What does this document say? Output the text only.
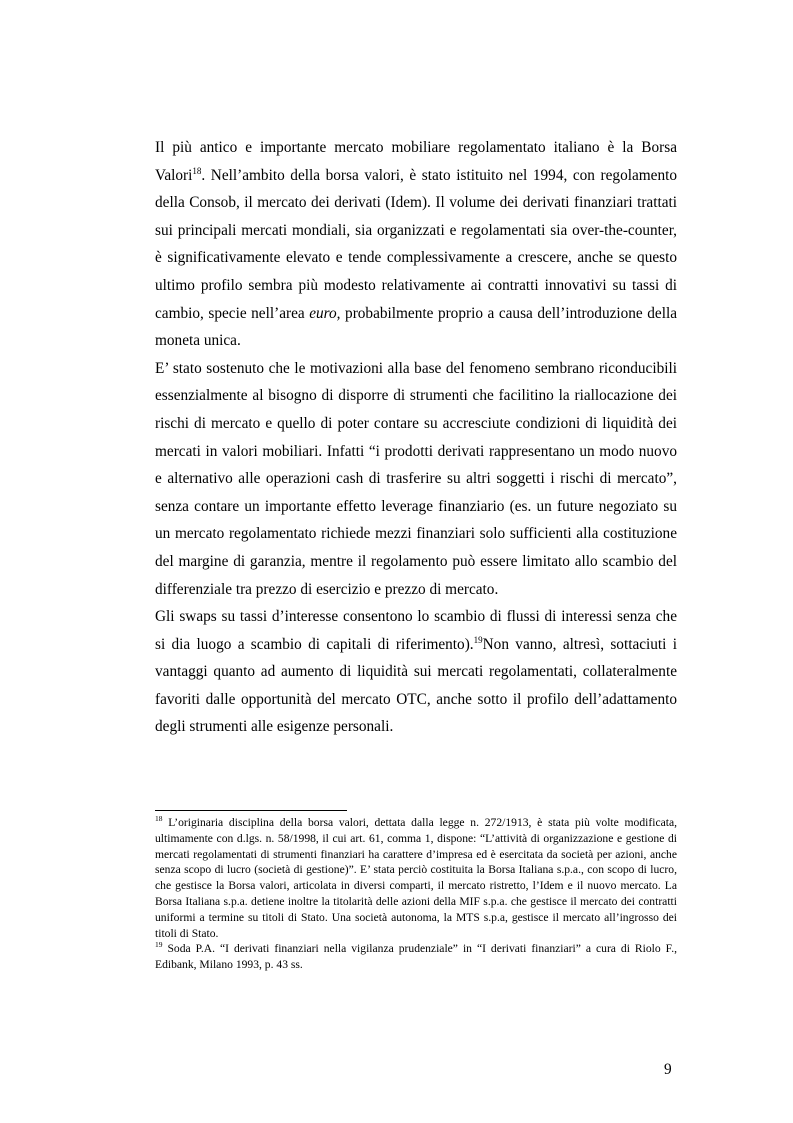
Il più antico e importante mercato mobiliare regolamentato italiano è la Borsa Valori$^{18}$. Nell’ambito della borsa valori, è stato istituito nel 1994, con regolamento della Consob, il mercato dei derivati (Idem). Il volume dei derivati finanziari trattati sui principali mercati mondiali, sia organizzati e regolamentati sia over-the-counter, è significativamente elevato e tende complessivamente a crescere, anche se questo ultimo profilo sembra più modesto relativamente ai contratti innovativi su tassi di cambio, specie nell’area euro, probabilmente proprio a causa dell’introduzione della moneta unica.

E’ stato sostenuto che le motivazioni alla base del fenomeno sembrano riconducibili essenzialmente al bisogno di disporre di strumenti che facilitino la riallocazione dei rischi di mercato e quello di poter contare su accresciute condizioni di liquidità dei mercati in valori mobiliari. Infatti “i prodotti derivati rappresentano un modo nuovo e alternativo alle operazioni cash di trasferire su altri soggetti i rischi di mercato”, senza contare un importante effetto leverage finanziario (es. un future negoziato su un mercato regolamentato richiede mezzi finanziari solo sufficienti alla costituzione del margine di garanzia, mentre il regolamento può essere limitato allo scambio del differenziale tra prezzo di esercizio e prezzo di mercato.

Gli swaps su tassi d’interesse consentono lo scambio di flussi di interessi senza che si dia luogo a scambio di capitali di riferimento).$^{19}$Non vanno, altresì, sottaciuti i vantaggi quanto ad aumento di liquidità sui mercati regolamentati, collateralmente favoriti dalle opportunità del mercato OTC, anche sotto il profilo dell’adattamento degli strumenti alle esigenze personali.

$^{18}$ L’originaria disciplina della borsa valori, dettata dalla legge n. 272/1913, è stata più volte modificata, ultimamente con d.lgs. n. 58/1998, il cui art. 61, comma 1, dispone: “L’attività di organizzazione e gestione di mercati regolamentati di strumenti finanziari ha carattere d’impresa ed è esercitata da società per azioni, anche senza scopo di lucro (società di gestione)”. E’ stata perciò costituita la Borsa Italiana s.p.a., con scopo di lucro, che gestisce la Borsa valori, articolata in diversi comparti, il mercato ristretto, l’Idem e il nuovo mercato. La Borsa Italiana s.p.a. detiene inoltre la titolarità delle azioni della MIF s.p.a. che gestisce il mercato dei contratti uniformi a termine su titoli di Stato. Una società autonoma, la MTS s.p.a, gestisce il mercato all’ingrosso dei titoli di Stato.

$^{19}$ Soda P.A. “I derivati finanziari nella vigilanza prudenziale” in “I derivati finanziari” a cura di Riolo F., Edibank, Milano 1993, p. 43 ss.

9
